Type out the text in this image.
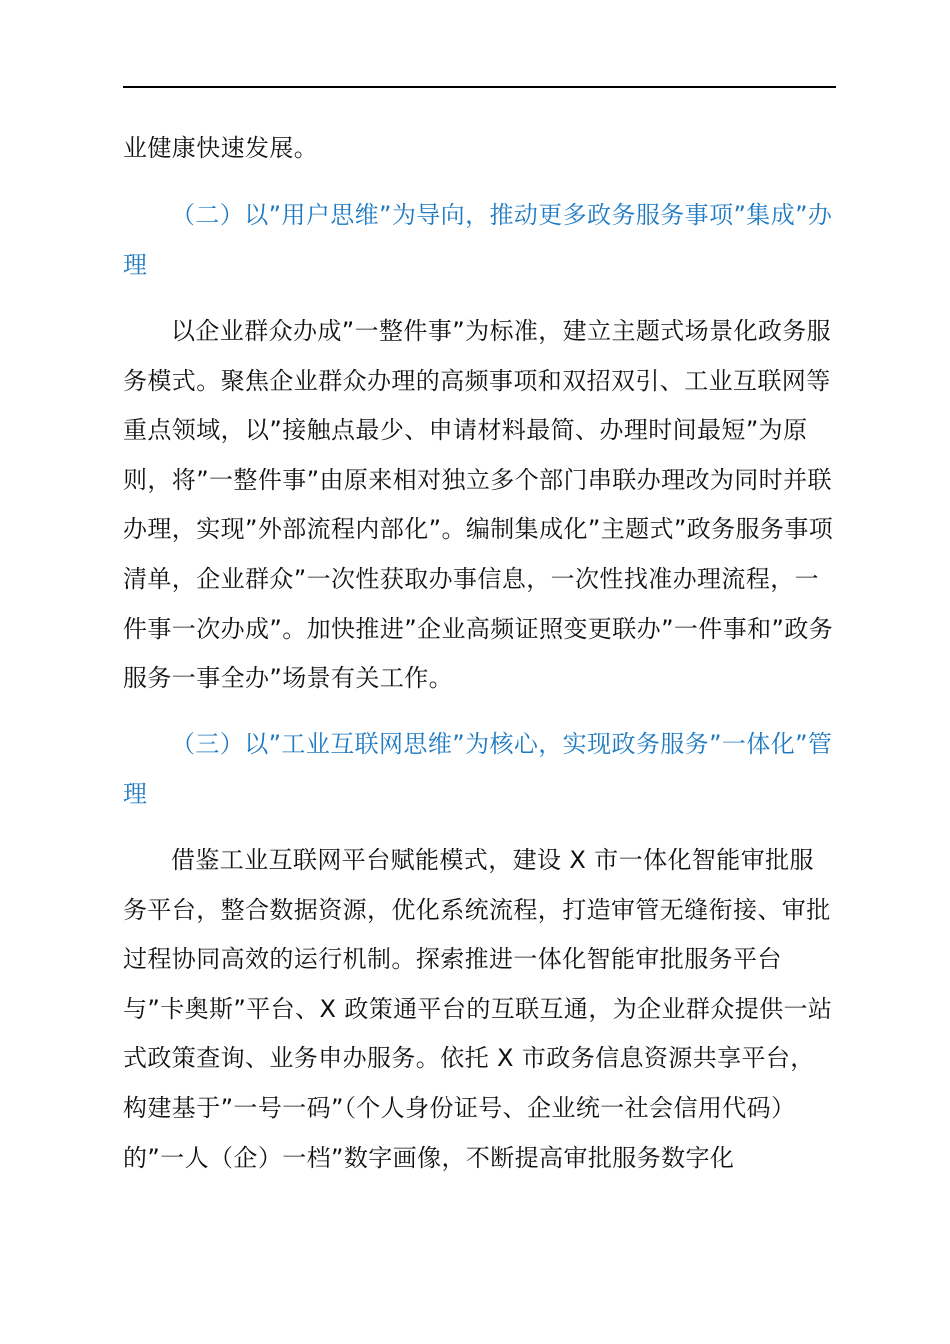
业健康快速发展。

（二）以”用户思维”为导向，推动更多政务服务事项”集成”办理

以企业群众办成”一整件事”为标准，建立主题式场景化政务服务模式。聚焦企业群众办理的高频事项和双招双引、工业互联网等重点领域，以”接触点最少、申请材料最简、办理时间最短”为原则，将”一整件事”由原来相对独立多个部门串联办理改为同时并联办理，实现”外部流程内部化”。编制集成化”主题式”政务服务事项清单，企业群众”一次性获取办事信息，一次性找准办理流程，一件事一次办成”。加快推进”企业高频证照变更联办”一件事和”政务服务一事全办”场景有关工作。

（三）以”工业互联网思维”为核心，实现政务服务”一体化”管理

借鉴工业互联网平台赋能模式，建设 X 市一体化智能审批服务平台，整合数据资源，优化系统流程，打造审管无缝衔接、审批过程协同高效的运行机制。探索推进一体化智能审批服务平台与”卡奥斯”平台、X 政策通平台的互联互通，为企业群众提供一站式政策查询、业务申办服务。依托 X 市政务信息资源共享平台，构建基于”一号一码”（个人身份证号、企业统一社会信用代码）的”一人（企）一档”数字画像，不断提高审批服务数字化
